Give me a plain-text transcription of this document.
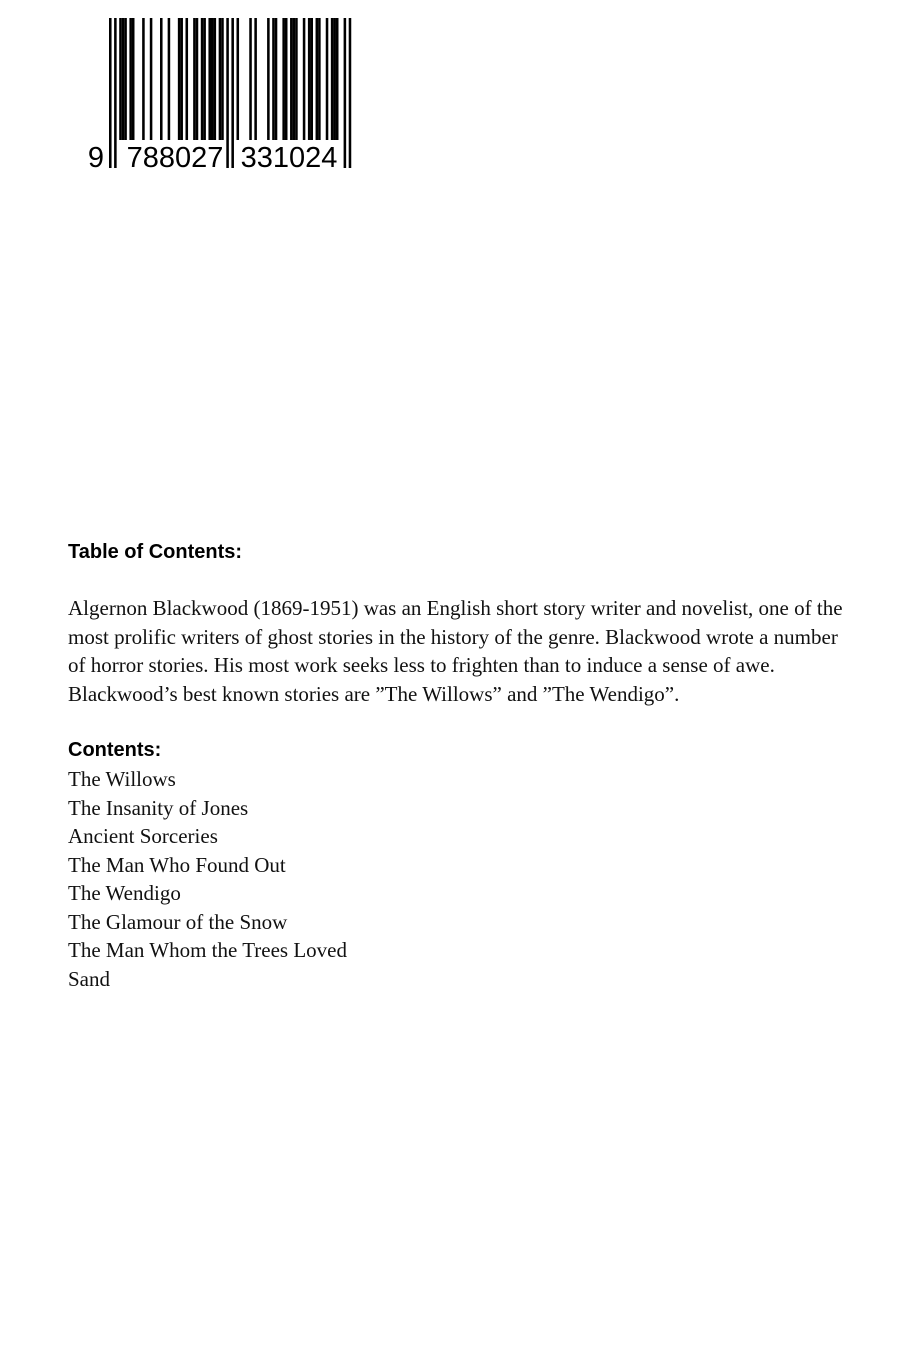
9 788027 331024
Table of Contents:

Algernon Blackwood (1869-1951) was an English short story writer and novelist, one of the most prolific writers of ghost stories in the history of the genre. Blackwood wrote a number of horror stories. His most work seeks less to frighten than to induce a sense of awe. Blackwood’s best known stories are ”The Willows” and ”The Wendigo”.

Contents:
The Willows
The Insanity of Jones
Ancient Sorceries
The Man Who Found Out
The Wendigo
The Glamour of the Snow
The Man Whom the Trees Loved
Sand
